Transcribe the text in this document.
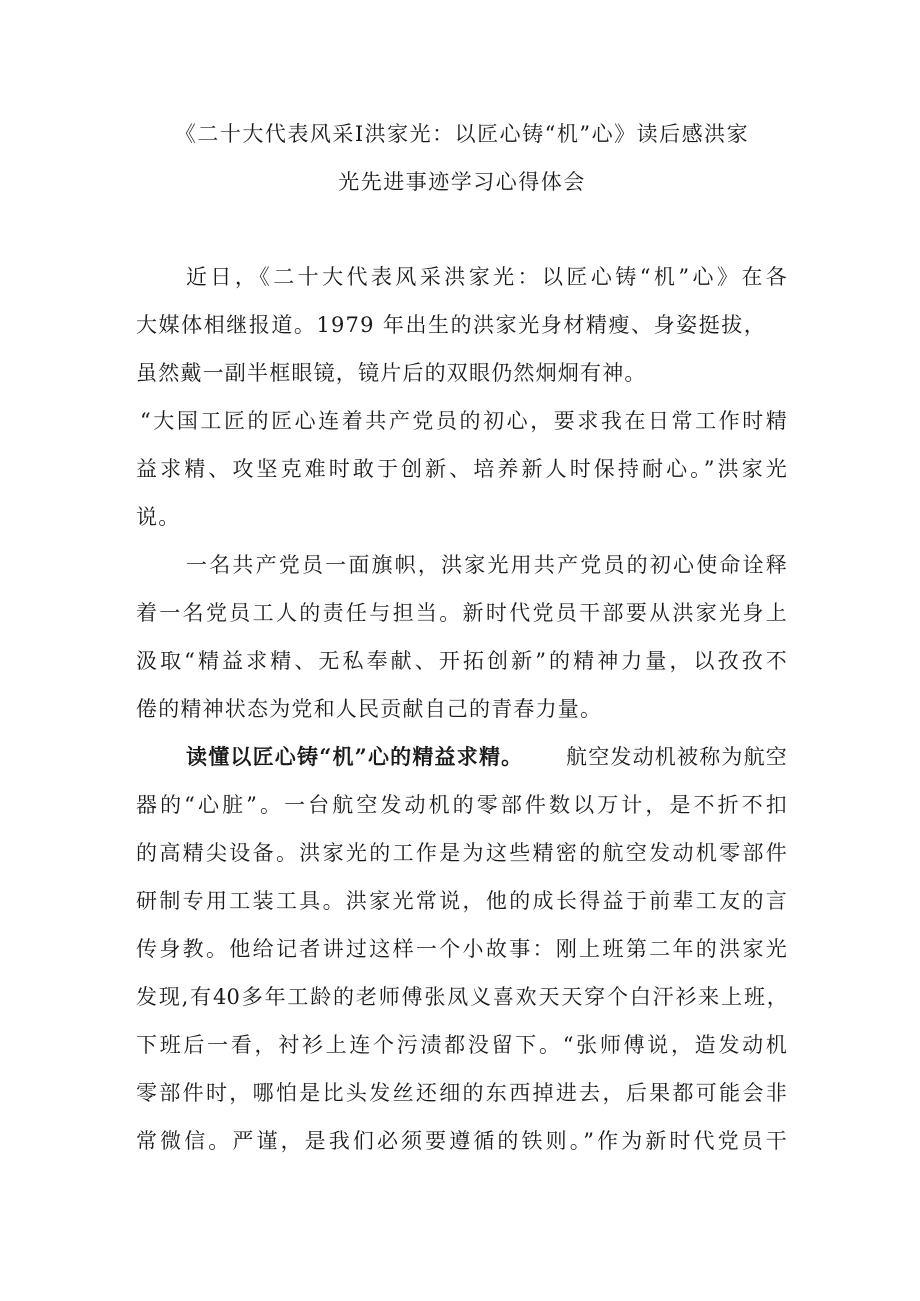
《二十大代表风采Ι洪家光：以匠心铸“机”心》读后感洪家
光先进事迹学习心得体会
近日，《二十大代表风采洪家光：以匠心铸“机”心》在各
大媒体相继报道。1979 年出生的洪家光身材精瘦、身姿挺拔，
虽然戴一副半框眼镜，镜片后的双眼仍然炯炯有神。
“大国工匠的匠心连着共产党员的初心，要求我在日常工作时精
益求精、攻坚克难时敢于创新、培养新人时保持耐心。”洪家光
说。
一名共产党员一面旗帜，洪家光用共产党员的初心使命诠释
着一名党员工人的责任与担当。新时代党员干部要从洪家光身上
汲取“精益求精、无私奉献、开拓创新”的精神力量，以孜孜不
倦的精神状态为党和人民贡献自己的青春力量。
读懂以匠心铸“机”心的精益求精。 航空发动机被称为航空
器的“心脏”。一台航空发动机的零部件数以万计，是不折不扣
的高精尖设备。洪家光的工作是为这些精密的航空发动机零部件
研制专用工装工具。洪家光常说，他的成长得益于前辈工友的言
传身教。他给记者讲过这样一个小故事：刚上班第二年的洪家光
发现,有40多年工龄的老师傅张凤义喜欢天天穿个白汗衫来上班，
下班后一看，衬衫上连个污渍都没留下。“张师傅说，造发动机
零部件时，哪怕是比头发丝还细的东西掉进去，后果都可能会非
常微信。严谨，是我们必须要遵循的铁则。”作为新时代党员干
